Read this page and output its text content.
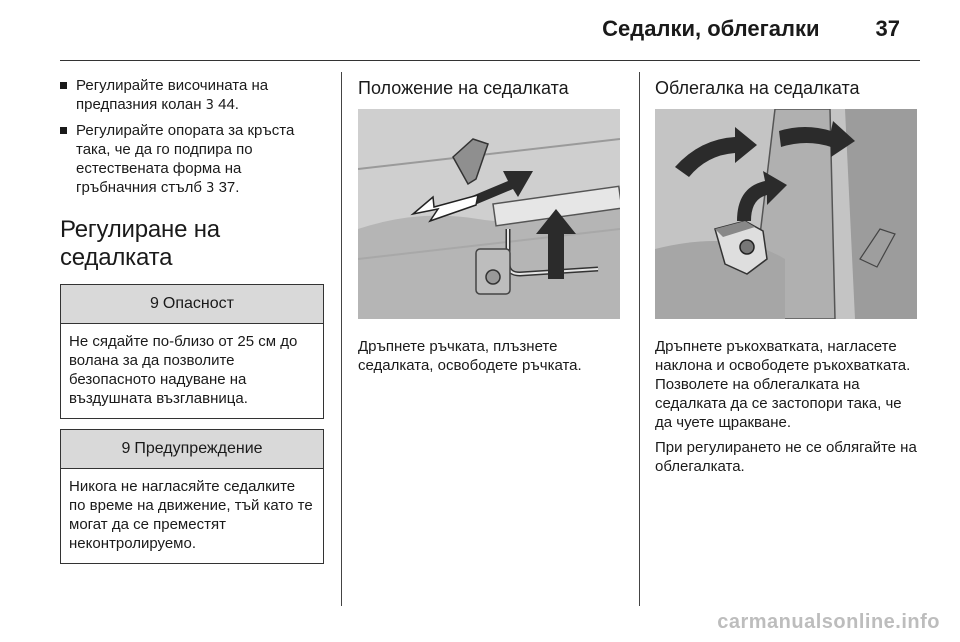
Седалки, облегалки	37
Регулирайте височината на предпазния колан 3 44.
Регулирайте опората за кръста така, че да го подпира по естествената форма на гръбначния стълб 3 37.
Регулиране на седалката
9 Опасност
Не сядайте по-близо от 25 см до волана за да позволите безопасното надуване на въздушната възглавница.
9 Предупреждение
Никога не нагласяйте седалките по време на движение, тъй като те могат да се преместят неконтролируемо.
Положение на седалката

Дръпнете ръчката, плъзнете седалката, освободете ръчката.

Облегалка на седалката

Дръпнете ръкохватката, нагласете наклона и освободете ръкохватката. Позволете на облегалката на седалката да се застопори така, че да чуете щракване.

При регулирането не се облягайте на облегалката.

carmanualsonline.info
